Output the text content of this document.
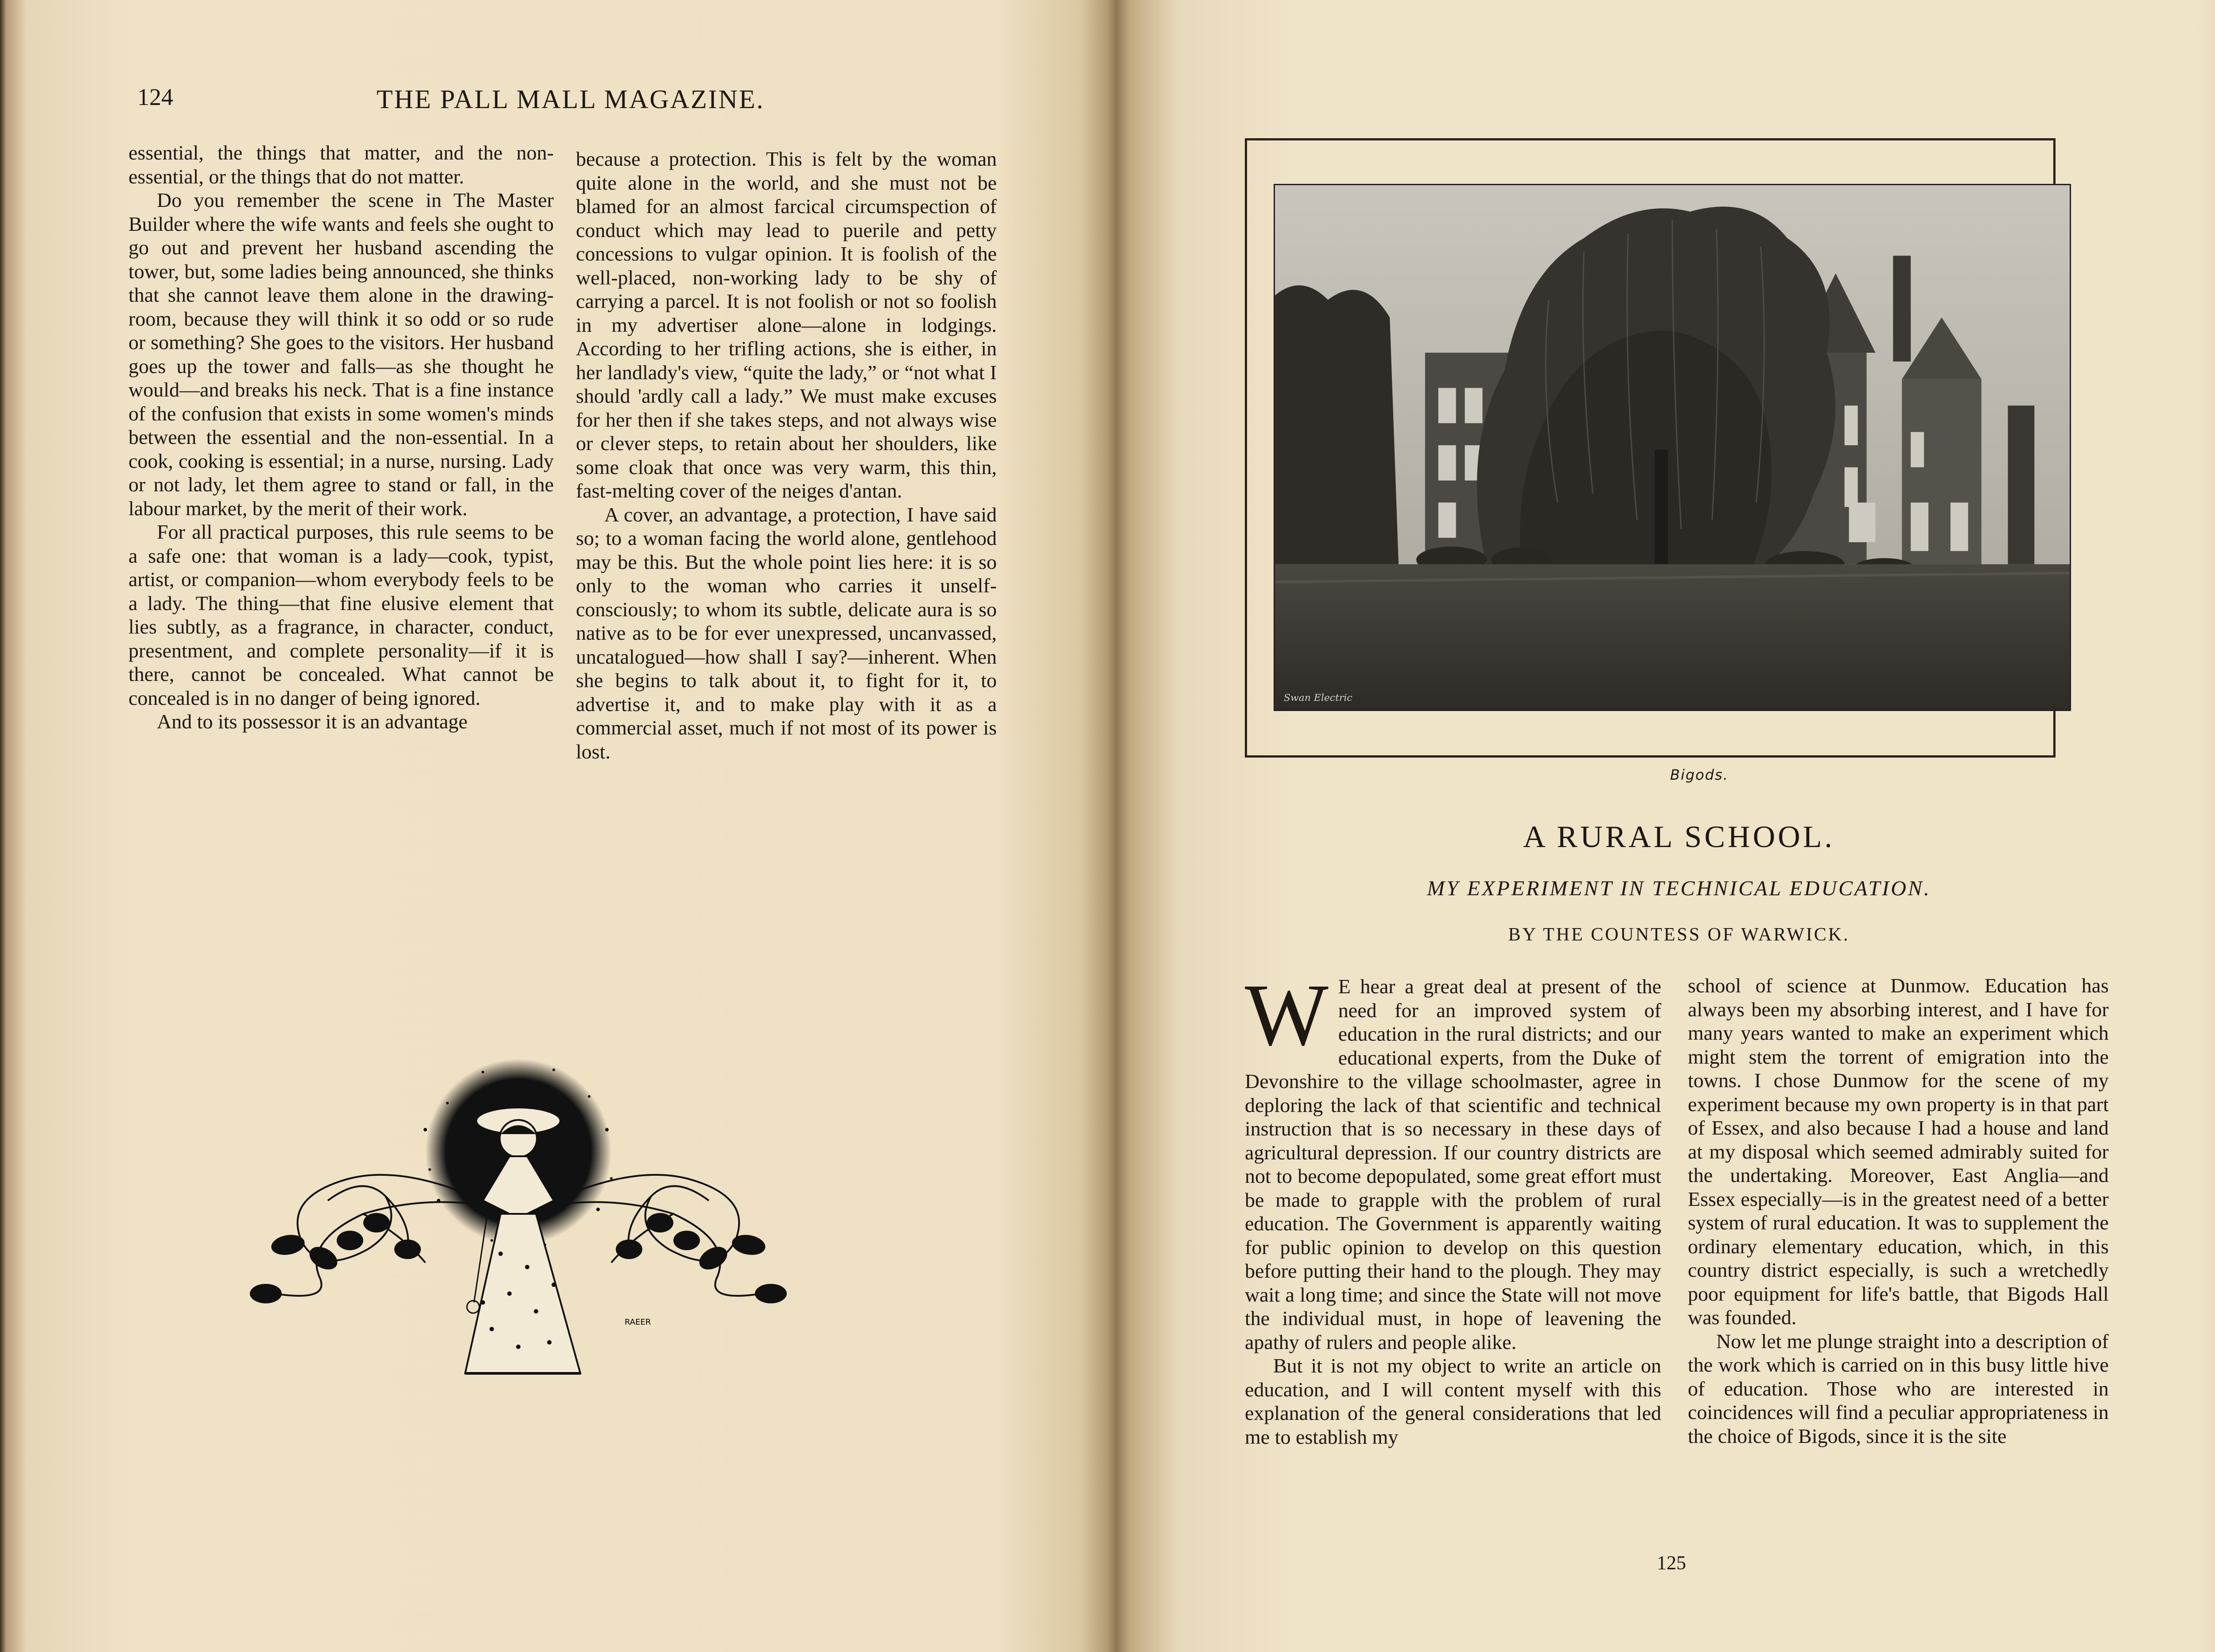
124	THE PALL MALL MAGAZINE.

essential, the things that matter, and the non-essential, or the things that do not matter.

Do you remember the scene in The Master Builder where the wife wants and feels she ought to go out and prevent her husband ascending the tower, but, some ladies being announced, she thinks that she cannot leave them alone in the drawing-room, because they will think it so odd or so rude or something? She goes to the visitors. Her husband goes up the tower and falls—as she thought he would—and breaks his neck. That is a fine instance of the confusion that exists in some women's minds between the essential and the non-essential. In a cook, cooking is essential; in a nurse, nursing. Lady or not lady, let them agree to stand or fall, in the labour market, by the merit of their work.

For all practical purposes, this rule seems to be a safe one: that woman is a lady—cook, typist, artist, or companion—whom everybody feels to be a lady. The thing—that fine elusive element that lies subtly, as a fragrance, in character, conduct, presentment, and complete personality—if it is there, cannot be concealed. What cannot be concealed is in no danger of being ignored.

And to its possessor it is an advantage

because a protection. This is felt by the woman quite alone in the world, and she must not be blamed for an almost farcical circumspection of conduct which may lead to puerile and petty concessions to vulgar opinion. It is foolish of the well-placed, non-working lady to be shy of carrying a parcel. It is not foolish or not so foolish in my advertiser alone—alone in lodgings. According to her trifling actions, she is either, in her landlady's view, “quite the lady,” or “not what I should 'ardly call a lady.” We must make excuses for her then if she takes steps, and not always wise or clever steps, to retain about her shoulders, like some cloak that once was very warm, this thin, fast-melting cover of the neiges d'antan.

A cover, an advantage, a protection, I have said so; to a woman facing the world alone, gentlehood may be this. But the whole point lies here: it is so only to the woman who carries it unself-consciously; to whom its subtle, delicate aura is so native as to be for ever unexpressed, uncanvassed, uncatalogued—how shall I say?—inherent. When she begins to talk about it, to fight for it, to advertise it, and to make play with it as a commercial asset, much if not most of its power is lost.

RAEER
Swan Electric
Bigods.
A RURAL SCHOOL.
MY EXPERIMENT IN TECHNICAL EDUCATION.
BY THE COUNTESS OF WARWICK.

W E hear a great deal at present of the need for an improved system of education in the rural districts; and our educational experts, from the Duke of Devonshire to the village schoolmaster, agree in deploring the lack of that scientific and technical instruction that is so necessary in these days of agricultural depression. If our country districts are not to become depopulated, some great effort must be made to grapple with the problem of rural education. The Government is apparently waiting for public opinion to develop on this question before putting their hand to the plough. They may wait a long time; and since the State will not move the individual must, in hope of leavening the apathy of rulers and people alike.

But it is not my object to write an article on education, and I will content myself with this explanation of the general considerations that led me to establish my

school of science at Dunmow. Education has always been my absorbing interest, and I have for many years wanted to make an experiment which might stem the torrent of emigration into the towns. I chose Dunmow for the scene of my experiment because my own property is in that part of Essex, and also because I had a house and land at my disposal which seemed admirably suited for the undertaking. Moreover, East Anglia—and Essex especially—is in the greatest need of a better system of rural education. It was to supplement the ordinary elementary education, which, in this country district especially, is such a wretchedly poor equipment for life's battle, that Bigods Hall was founded.

Now let me plunge straight into a description of the work which is carried on in this busy little hive of education. Those who are interested in coincidences will find a peculiar appropriateness in the choice of Bigods, since it is the site

125
